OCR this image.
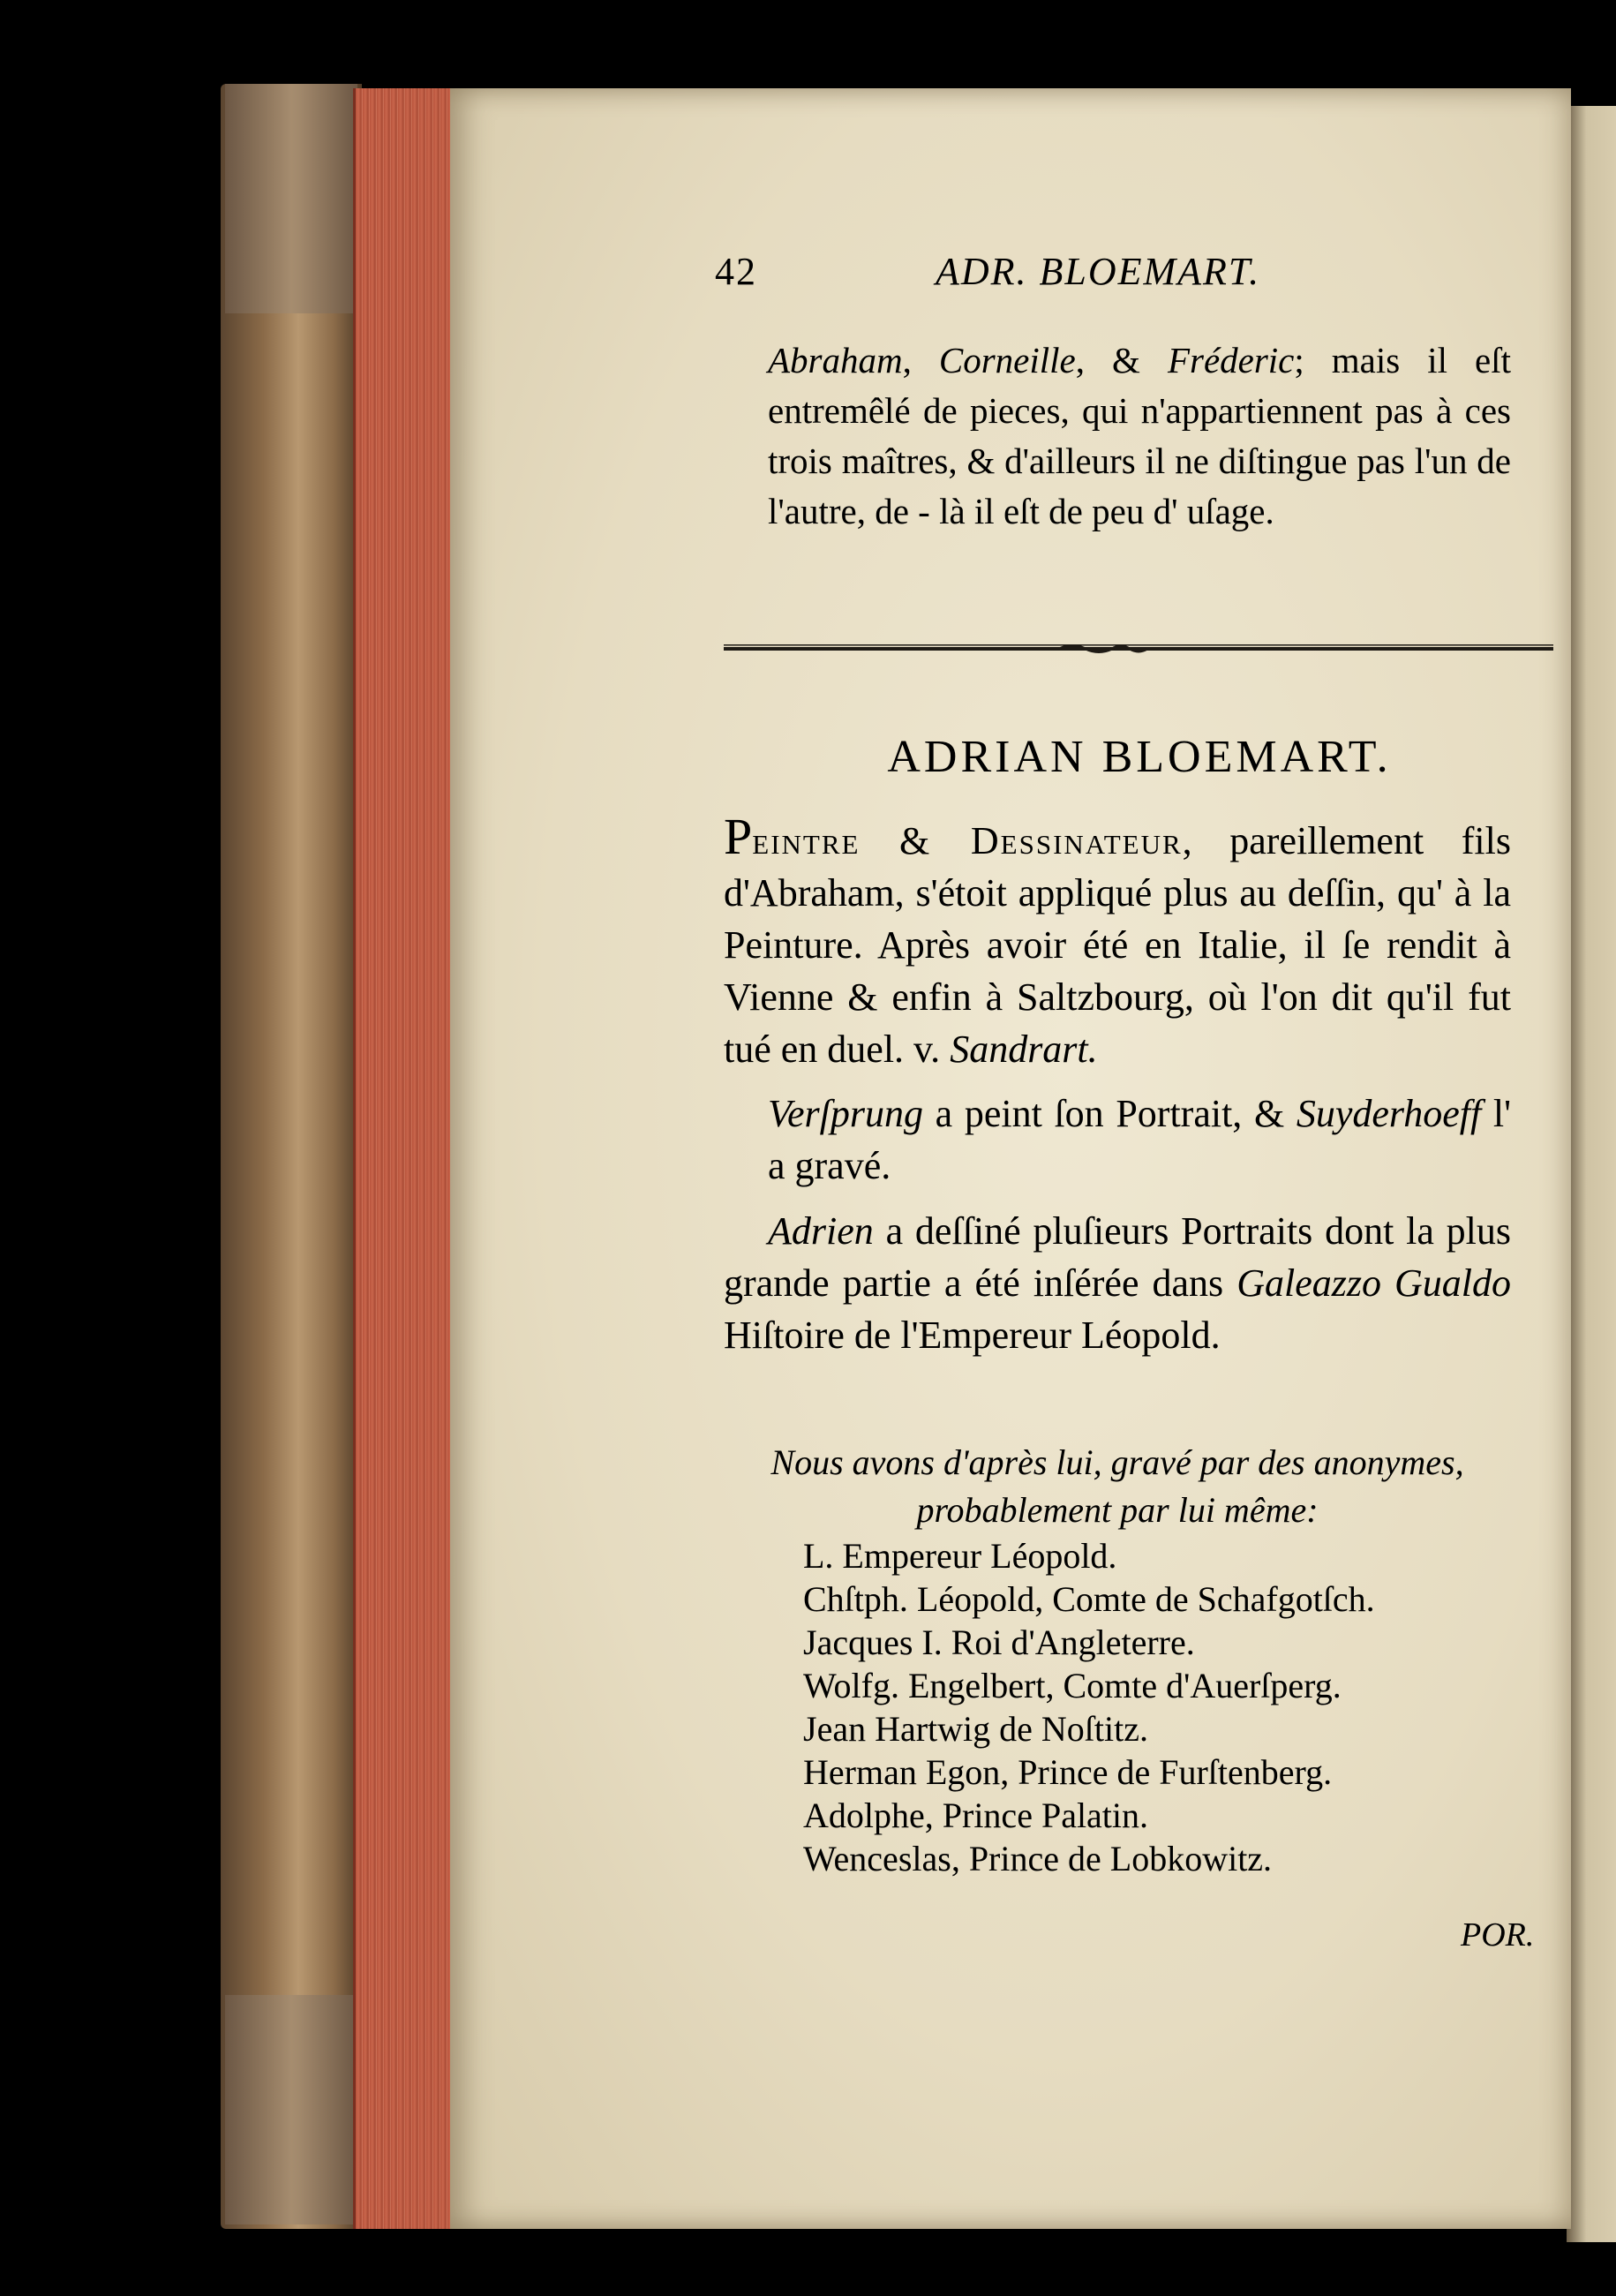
42	ADR. BLOEMART.
Abraham, Corneille, & Fréderic; mais il eſt entremêlé de pieces, qui n'appartiennent pas à ces trois maîtres, & d'ailleurs il ne diſtingue pas l'un de l'autre, de - là il eſt de peu d' uſage.
ADRIAN BLOEMART.
Peintre & Dessinateur, pareillement fils d'Abraham, s'étoit appliqué plus au deſſin, qu' à la Peinture. Après avoir été en Italie, il ſe rendit à Vienne & enfin à Saltzbourg, où l'on dit qu'il fut tué en duel. v. Sandrart.
Verſprung a peint ſon Portrait, & Suyderhoeff l' a gravé.
Adrien a deſſiné pluſieurs Portraits dont la plus grande partie a été inſérée dans Galeazzo Gualdo Hiſtoire de l'Empereur Léopold.
Nous avons d'après lui, gravé par des anonymes, probablement par lui même:
L. Empereur Léopold.
Chſtph. Léopold, Comte de Schafgotſch.
Jacques I. Roi d'Angleterre.
Wolfg. Engelbert, Comte d'Auerſperg.
Jean Hartwig de Noſtitz.
Herman Egon, Prince de Furſtenberg.
Adolphe, Prince Palatin.
Wenceslas, Prince de Lobkowitz.
POR.
